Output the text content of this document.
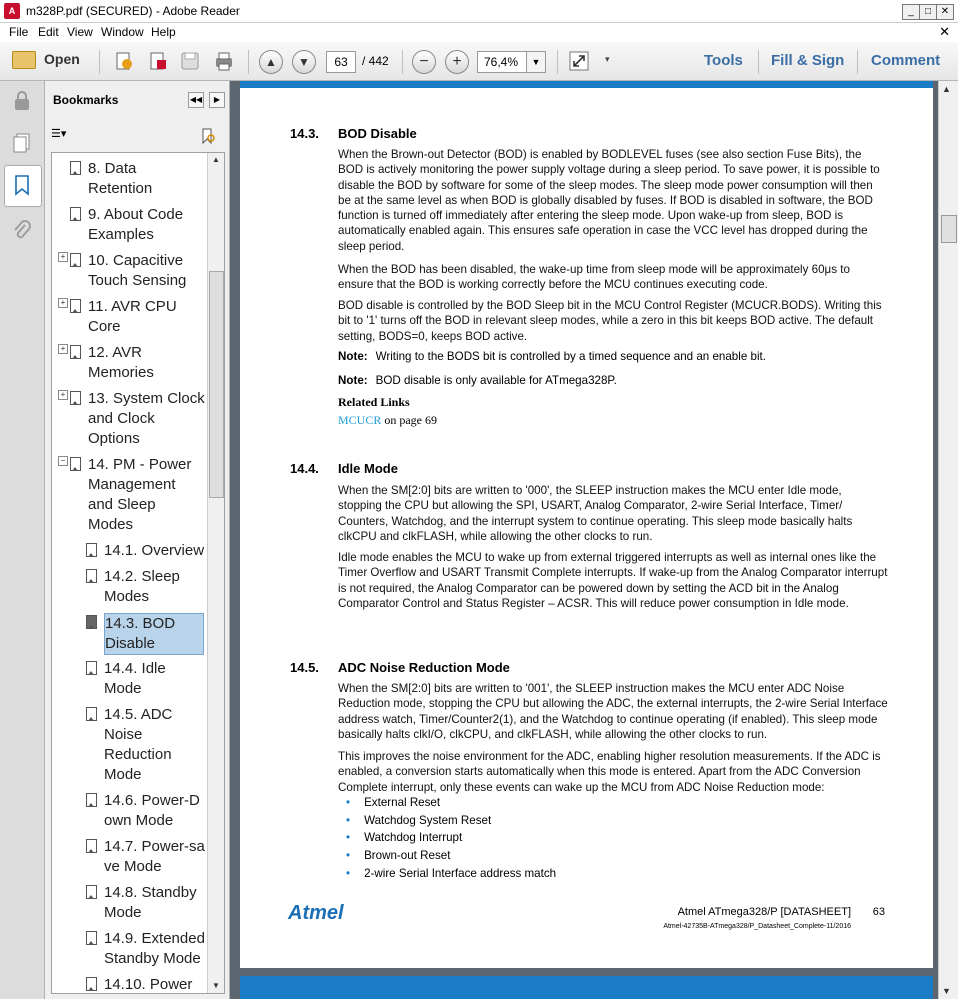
A m328P.pdf (SECURED) - Adobe Reader	_	□ ✕
File Edit View Window Help	✕
Open	▲	▼	63	/ 442	−	+	76,4%	▼	▾	Tools Fill & Sign Comment
Bookmarks	◀◀	▶
☰▾
▲
▼
8. Data
Retention
9. About Code
Examples
+ 10. Capacitive
Touch Sensing
+ 11. AVR CPU
Core
+ 12. AVR
Memories
+ 13. System Clock
and Clock
Options
− 14. PM - Power
Management
and Sleep
Modes
14.1. Overview
14.2. Sleep
Modes
14.3. BOD
Disable
14.4. Idle
Mode
14.5. ADC
Noise
Reduction
Mode
14.6. Power-D
own Mode
14.7. Power-sa
ve Mode
14.8. Standby
Mode
14.9. Extended
Standby Mode
14.10. Power
14.3. BOD Disable
When the Brown-out Detector (BOD) is enabled by BODLEVEL fuses (see also section Fuse Bits), the BOD is actively monitoring the power supply voltage during a sleep period. To save power, it is possible to disable the BOD by software for some of the sleep modes. The sleep mode power consumption will then be at the same level as when BOD is globally disabled by fuses. If BOD is disabled in software, the BOD function is turned off immediately after entering the sleep mode. Upon wake-up from sleep, BOD is automatically enabled again. This ensures safe operation in case the VCC level has dropped during the sleep period.
When the BOD has been disabled, the wake-up time from sleep mode will be approximately 60μs to ensure that the BOD is working correctly before the MCU continues executing code.
BOD disable is controlled by the BOD Sleep bit in the MCU Control Register (MCUCR.BODS). Writing this bit to '1' turns off the BOD in relevant sleep modes, while a zero in this bit keeps BOD active. The default setting, BODS=0, keeps BOD active.
Note: Writing to the BODS bit is controlled by a timed sequence and an enable bit.
Note: BOD disable is only available for ATmega328P.
Related Links
MCUCR on page 69
14.4. Idle Mode
When the SM[2:0] bits are written to '000', the SLEEP instruction makes the MCU enter Idle mode, stopping the CPU but allowing the SPI, USART, Analog Comparator, 2-wire Serial Interface, Timer/ Counters, Watchdog, and the interrupt system to continue operating. This sleep mode basically halts clkCPU and clkFLASH, while allowing the other clocks to run.
Idle mode enables the MCU to wake up from external triggered interrupts as well as internal ones like the Timer Overflow and USART Transmit Complete interrupts. If wake-up from the Analog Comparator interrupt is not required, the Analog Comparator can be powered down by setting the ACD bit in the Analog Comparator Control and Status Register – ACSR. This will reduce power consumption in Idle mode.
14.5. ADC Noise Reduction Mode
When the SM[2:0] bits are written to '001', the SLEEP instruction makes the MCU enter ADC Noise Reduction mode, stopping the CPU but allowing the ADC, the external interrupts, the 2-wire Serial Interface address watch, Timer/Counter2(1), and the Watchdog to continue operating (if enabled). This sleep mode basically halts clkI/O, clkCPU, and clkFLASH, while allowing the other clocks to run.
This improves the noise environment for the ADC, enabling higher resolution measurements. If the ADC is enabled, a conversion starts automatically when this mode is entered. Apart from the ADC Conversion Complete interrupt, only these events can wake up the MCU from ADC Noise Reduction mode:
• External Reset
• Watchdog System Reset
• Watchdog Interrupt
• Brown-out Reset
• 2-wire Serial Interface address match
Atmel	Atmel ATmega328/P [DATASHEET] 63
Atmel-42735B-ATmega328/P_Datasheet_Complete-11/2016
▲
▼
